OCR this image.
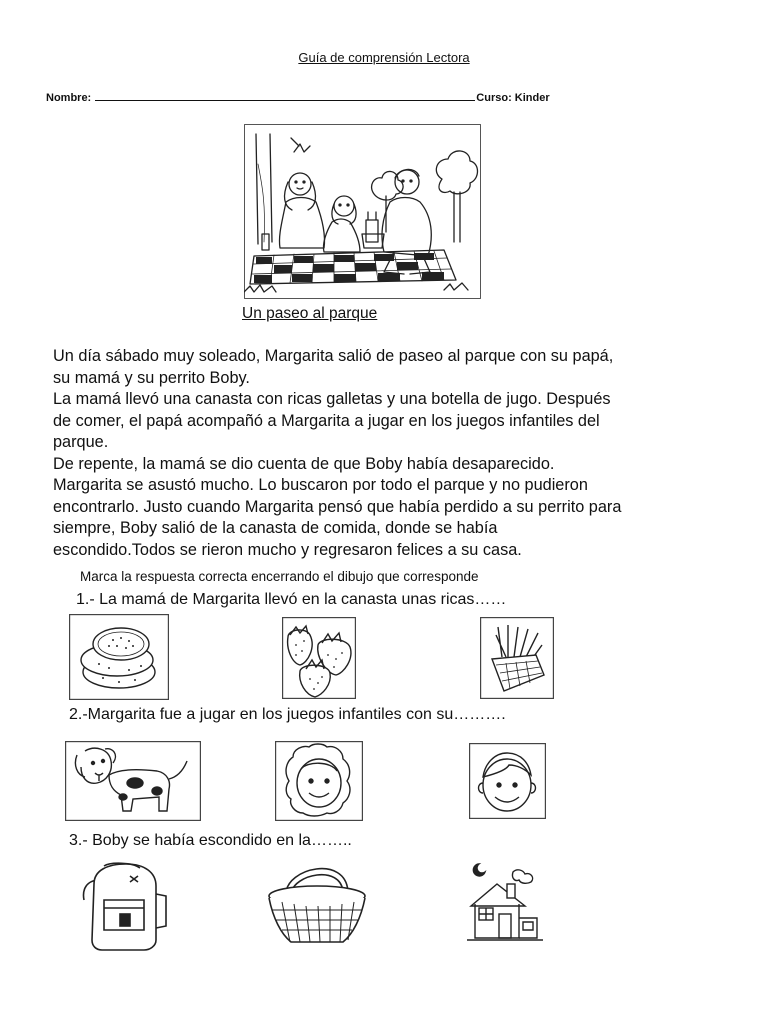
Guía de comprensión Lectora
Nombre:	Curso: Kinder
Un paseo al parque

Un día sábado muy soleado, Margarita salió de paseo al parque con su papá,

su mamá y su perrito Boby.

La mamá llevó una canasta con ricas galletas y una botella de jugo. Después

de comer, el papá acompañó a Margarita a jugar en los juegos infantiles del

parque.

De repente, la mamá se dio cuenta de que Boby había desaparecido.

Margarita se asustó mucho. Lo buscaron por todo el parque y no pudieron

encontrarlo. Justo cuando Margarita pensó que había perdido a su perrito para

siempre, Boby salió de la canasta de comida, donde se había

escondido.Todos se rieron mucho y regresaron felices a su casa.

Marca la respuesta correcta encerrando el dibujo que corresponde
1.- La mamá de Margarita llevó en la canasta unas ricas……
2.-Margarita fue a jugar en los juegos infantiles con su……….
3.- Boby se había escondido en la……..
